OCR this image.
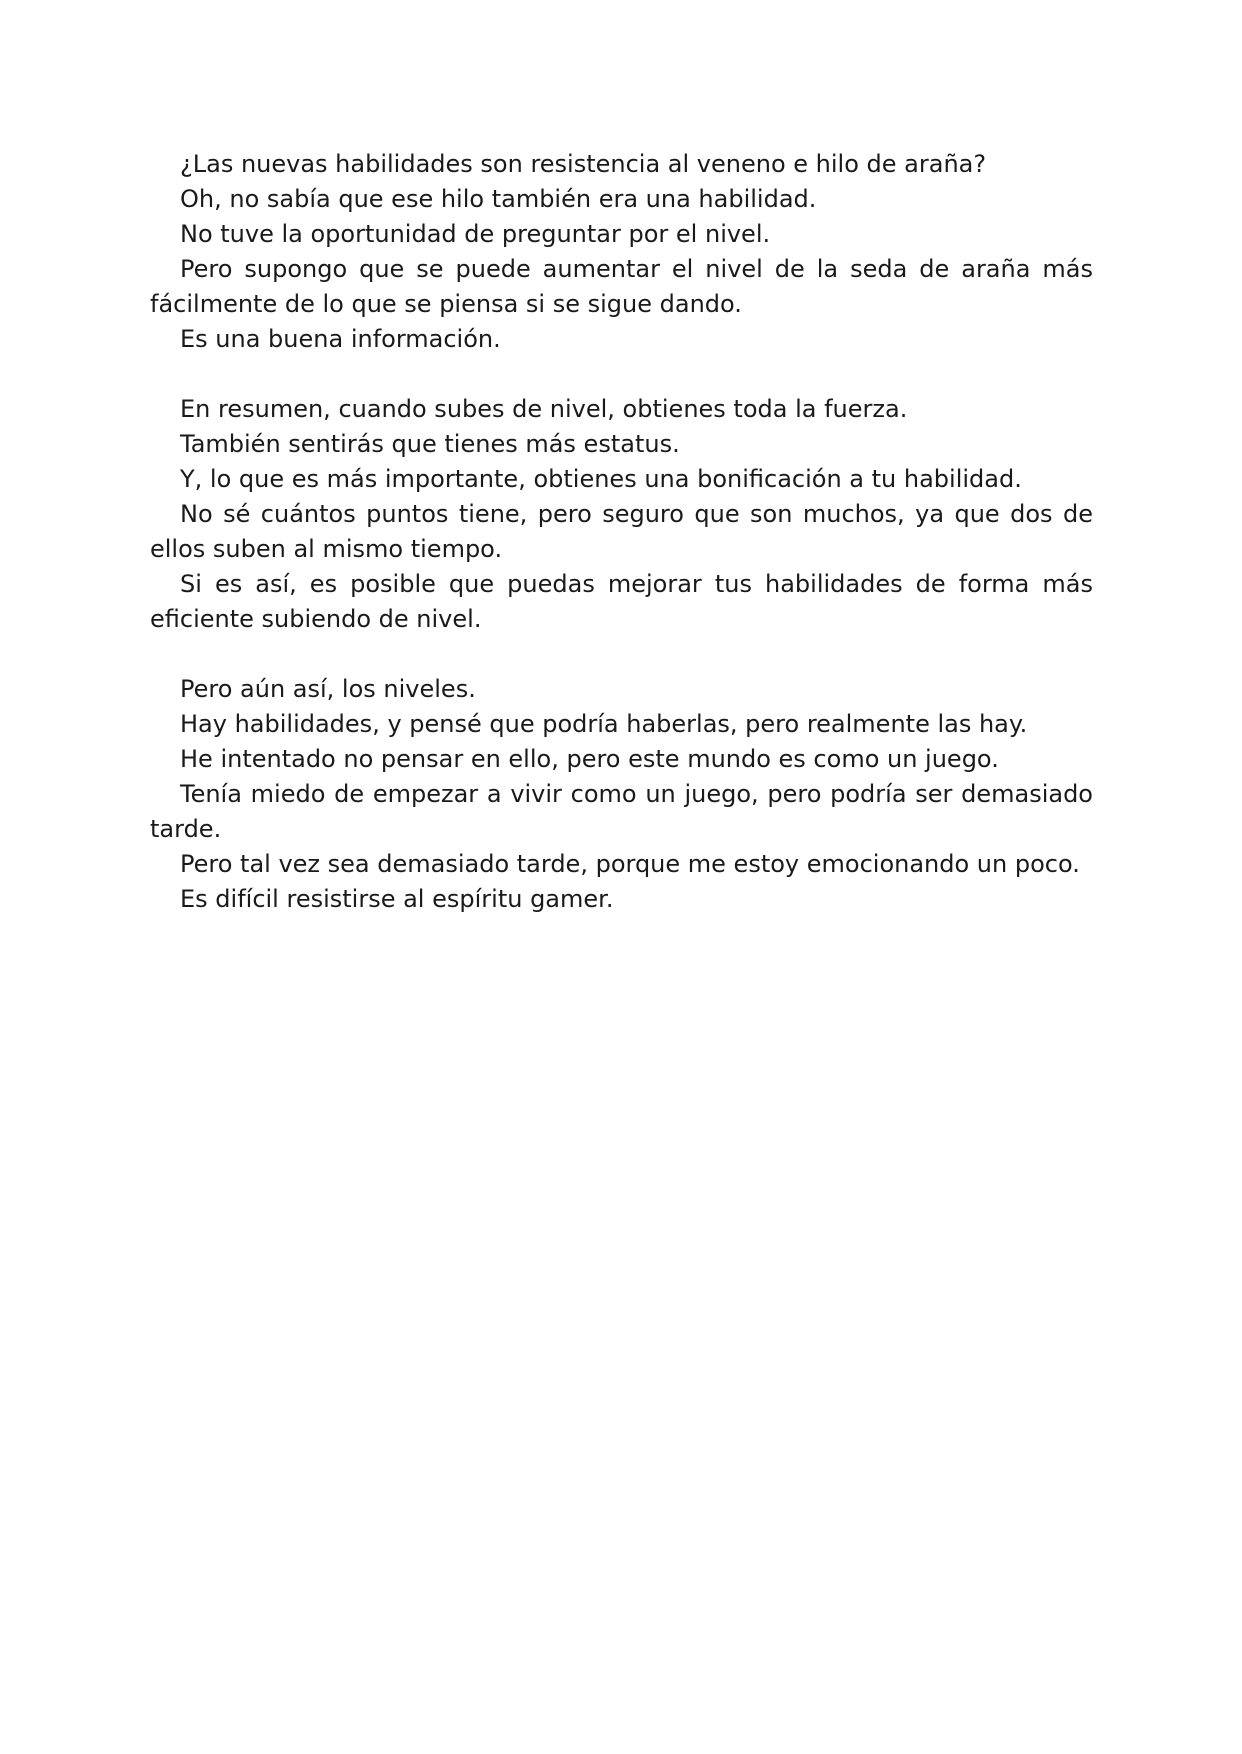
¿Las nuevas habilidades son resistencia al veneno e hilo de araña?

Oh, no sabía que ese hilo también era una habilidad.

No tuve la oportunidad de preguntar por el nivel.

Pero supongo que se puede aumentar el nivel de la seda de araña más fácilmente de lo que se piensa si se sigue dando.

Es una buena información.

En resumen, cuando subes de nivel, obtienes toda la fuerza.

También sentirás que tienes más estatus.

Y, lo que es más importante, obtienes una bonificación a tu habilidad.

No sé cuántos puntos tiene, pero seguro que son muchos, ya que dos de ellos suben al mismo tiempo.

Si es así, es posible que puedas mejorar tus habilidades de forma más eficiente subiendo de nivel.

Pero aún así, los niveles.

Hay habilidades, y pensé que podría haberlas, pero realmente las hay.

He intentado no pensar en ello, pero este mundo es como un juego.

Tenía miedo de empezar a vivir como un juego, pero podría ser demasiado tarde.

Pero tal vez sea demasiado tarde, porque me estoy emocionando un poco.

Es difícil resistirse al espíritu gamer.
